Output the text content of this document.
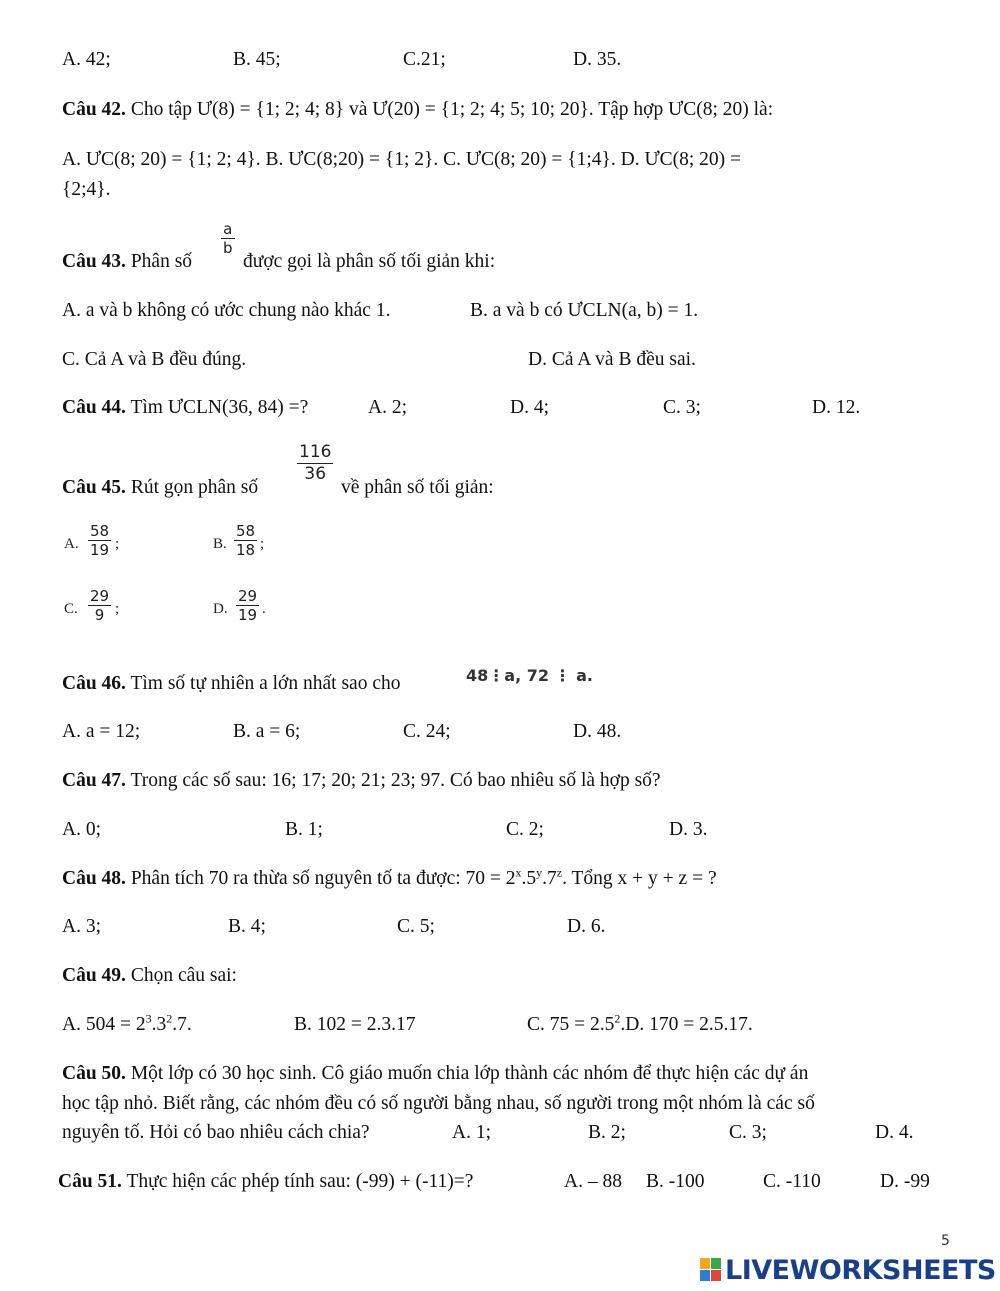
A. 42;	B. 45;	C.21;	D. 35.
Câu 42. Cho tập Ư(8) = {1; 2; 4; 8} và Ư(20) = {1; 2; 4; 5; 10; 20}. Tập hợp ƯC(8; 20) là:
A. ƯC(8; 20) = {1; 2; 4}. B. ƯC(8;20) = {1; 2}. C. ƯC(8; 20) = {1;4}. D. ƯC(8; 20) =
{2;4}.
Câu 43. Phân số
$\frac{a}{b}$
được gọi là phân số tối giản khi:
A. a và b không có ước chung nào khác 1.	B. a và b có ƯCLN(a, b) = 1.
C. Cả A và B đều đúng.	D. Cả A và B đều sai.
Câu 44. Tìm ƯCLN(36, 84) =?	A. 2;	D. 4;	C. 3;	D. 12.
Câu 45. Rút gọn phân số
$\frac{116}{36}$
về phân số tối giản:
A. $\frac{58}{19}$ ;	B. $\frac{58}{18}$ ;
C. $\frac{29}{9}$ ;	D. $\frac{29}{19}$ .
Câu 46. Tìm số tự nhiên a lớn nhất sao cho	48⋮a, 72 ⋮ a.
A. a = 12;	B. a = 6;	C. 24;	D. 48.
Câu 47. Trong các số sau: 16; 17; 20; 21; 23; 97. Có bao nhiêu số là hợp số?
A. 0;	B. 1;	C. 2;	D. 3.
Câu 48. Phân tích 70 ra thừa số nguyên tố ta được: $70 = 2^x.5^y.7^z$. Tổng x + y + z = ?
A. 3;	B. 4;	C. 5;	D. 6.
Câu 49. Chọn câu sai:
A. $504 = 2^3.3^2.7$.	B. 102 = 2.3.17	C. $75 = 2.5^2.D$. 170 = 2.5.17.
Câu 50. Một lớp có 30 học sinh. Cô giáo muốn chia lớp thành các nhóm để thực hiện các dự án
học tập nhỏ. Biết rằng, các nhóm đều có số người bằng nhau, số người trong một nhóm là các số
nguyên tố. Hỏi có bao nhiêu cách chia?	A. 1;	B. 2;	C. 3;	D. 4.
Câu 51. Thực hiện các phép tính sau: (-99) + (-11)=?	A. – 88 B. -100	C. -110	D. -99
5
LIVEWORKSHEETS
